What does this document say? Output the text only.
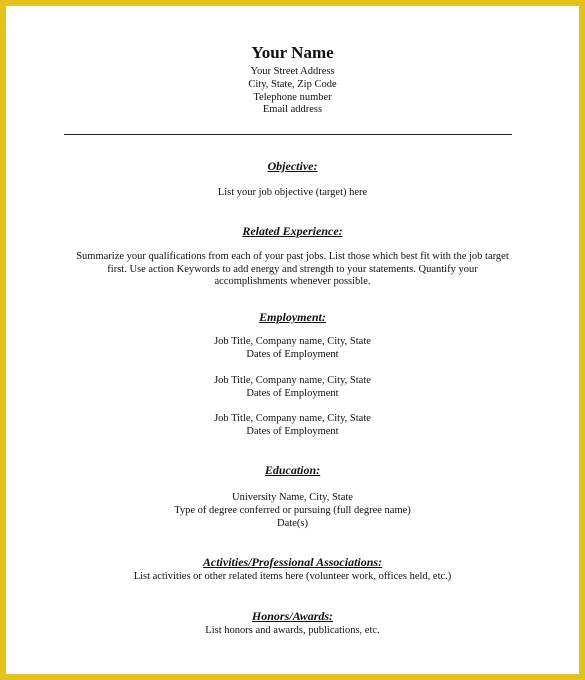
Your Name
Your Street Address
City, State, Zip Code
Telephone number
Email address
Objective:
List your job objective (target) here
Related Experience:
Summarize your qualifications from each of your past jobs. List those which best fit with the job target
first. Use action Keywords to add energy and strength to your statements. Quantify your
accomplishments whenever possible.
Employment:
Job Title, Company name, City, State
Dates of Employment
Job Title, Company name, City, State
Dates of Employment
Job Title, Company name, City, State
Dates of Employment
Education:
University Name, City, State
Type of degree conferred or pursuing (full degree name)
Date(s)
Activities/Professional Associations:
List activities or other related items here (volunteer work, offices held, etc.)
Honors/Awards:
List honors and awards, publications, etc.
